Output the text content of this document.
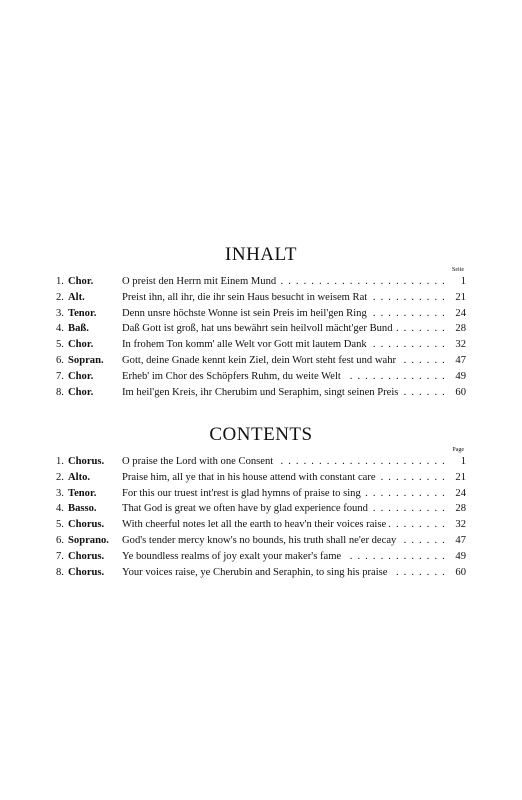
INHALT
Seite
1. Chor.	O preist den Herrn mit Einem Mund . . .	1
2. Alt.	Preist ihn, all ihr, die ihr sein Haus besucht in weisem Rat . . .	21
3. Tenor.	Denn unsre höchste Wonne ist sein Preis im heil'gen Ring . . .	24
4. Baß.	Daß Gott ist groß, hat uns bewährt sein heilvoll mächt'ger Bund . . .	28
5. Chor.	In frohem Ton komm' alle Welt vor Gott mit lautem Dank . . .	32
6. Sopran.	Gott, deine Gnade kennt kein Ziel, dein Wort steht fest und wahr . . .	47
7. Chor.	Erheb' im Chor des Schöpfers Ruhm, du weite Welt . . .	49
8. Chor.	Im heil'gen Kreis, ihr Cherubim und Seraphim, singt seinen Preis . . .	60
CONTENTS
Page
1. Chorus.	O praise the Lord with one Consent . . .	1
2. Alto.	Praise him, all ye that in his house attend with constant care . . .	21
3. Tenor.	For this our truest int'rest is glad hymns of praise to sing . . .	24
4. Basso.	That God is great we often have by glad experience found . . .	28
5. Chorus.	With cheerful notes let all the earth to heav'n their voices raise . . .	32
6. Soprano.	God's tender mercy know's no bounds, his truth shall ne'er decay . . .	47
7. Chorus.	Ye boundless realms of joy exalt your maker's fame . . .	49
8. Chorus.	Your voices raise, ye Cherubin and Seraphin, to sing his praise . . .	60
